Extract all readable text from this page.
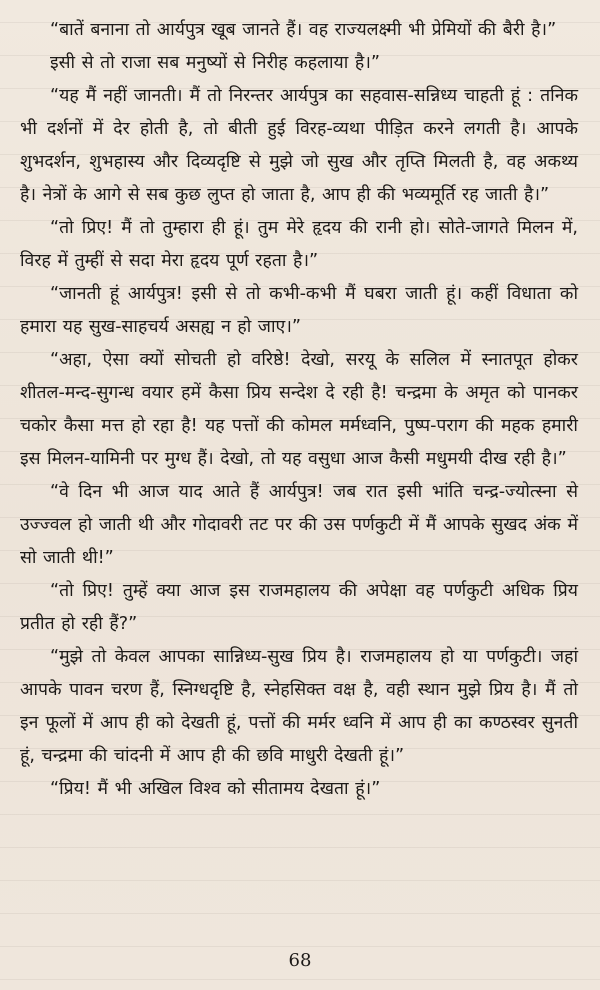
“बातें बनाना तो आर्यपुत्र खूब जानते हैं। वह राज्यलक्ष्मी भी प्रेमियों की बैरी है।”

इसी से तो राजा सब मनुष्यों से निरीह कहलाया है।”

“यह मैं नहीं जानती। मैं तो निरन्तर आर्यपुत्र का सहवास-सन्निध्य चाहती हूं : तनिक भी दर्शनों में देर होती है, तो बीती हुई विरह-व्यथा पीड़ित करने लगती है। आपके शुभदर्शन, शुभहास्य और दिव्यदृष्टि से मुझे जो सुख और तृप्ति मिलती है, वह अकथ्य है। नेत्रों के आगे से सब कुछ लुप्त हो जाता है, आप ही की भव्यमूर्ति रह जाती है।”

“तो प्रिए! मैं तो तुम्हारा ही हूं। तुम मेरे हृदय की रानी हो। सोते-जागते मिलन में, विरह में तुम्हीं से सदा मेरा हृदय पूर्ण रहता है।”

“जानती हूं आर्यपुत्र! इसी से तो कभी-कभी मैं घबरा जाती हूं। कहीं विधाता को हमारा यह सुख-साहचर्य असह्य न हो जाए।”

“अहा, ऐसा क्यों सोचती हो वरिष्ठे! देखो, सरयू के सलिल में स्नातपूत होकर शीतल-मन्द-सुगन्ध वयार हमें कैसा प्रिय सन्देश दे रही है! चन्द्रमा के अमृत को पानकर चकोर कैसा मत्त हो रहा है! यह पत्तों की कोमल मर्मध्वनि, पुष्प-पराग की महक हमारी इस मिलन-यामिनी पर मुग्ध हैं। देखो, तो यह वसुधा आज कैसी मधुमयी दीख रही है।”

“वे दिन भी आज याद आते हैं आर्यपुत्र! जब रात इसी भांति चन्द्र-ज्योत्स्ना से उज्ज्वल हो जाती थी और गोदावरी तट पर की उस पर्णकुटी में मैं आपके सुखद अंक में सो जाती थी!”

“तो प्रिए! तुम्हें क्या आज इस राजमहालय की अपेक्षा वह पर्णकुटी अधिक प्रिय प्रतीत हो रही हैं?”

“मुझे तो केवल आपका सान्निध्य-सुख प्रिय है। राजमहालय हो या पर्णकुटी। जहां आपके पावन चरण हैं, स्निग्धदृष्टि है, स्नेहसिक्त वक्ष है, वही स्थान मुझे प्रिय है। मैं तो इन फूलों में आप ही को देखती हूं, पत्तों की मर्मर ध्वनि में आप ही का कण्ठस्वर सुनती हूं, चन्द्रमा की चांदनी में आप ही की छवि माधुरी देखती हूं।”

“प्रिय! मैं भी अखिल विश्व को सीतामय देखता हूं।”

68
